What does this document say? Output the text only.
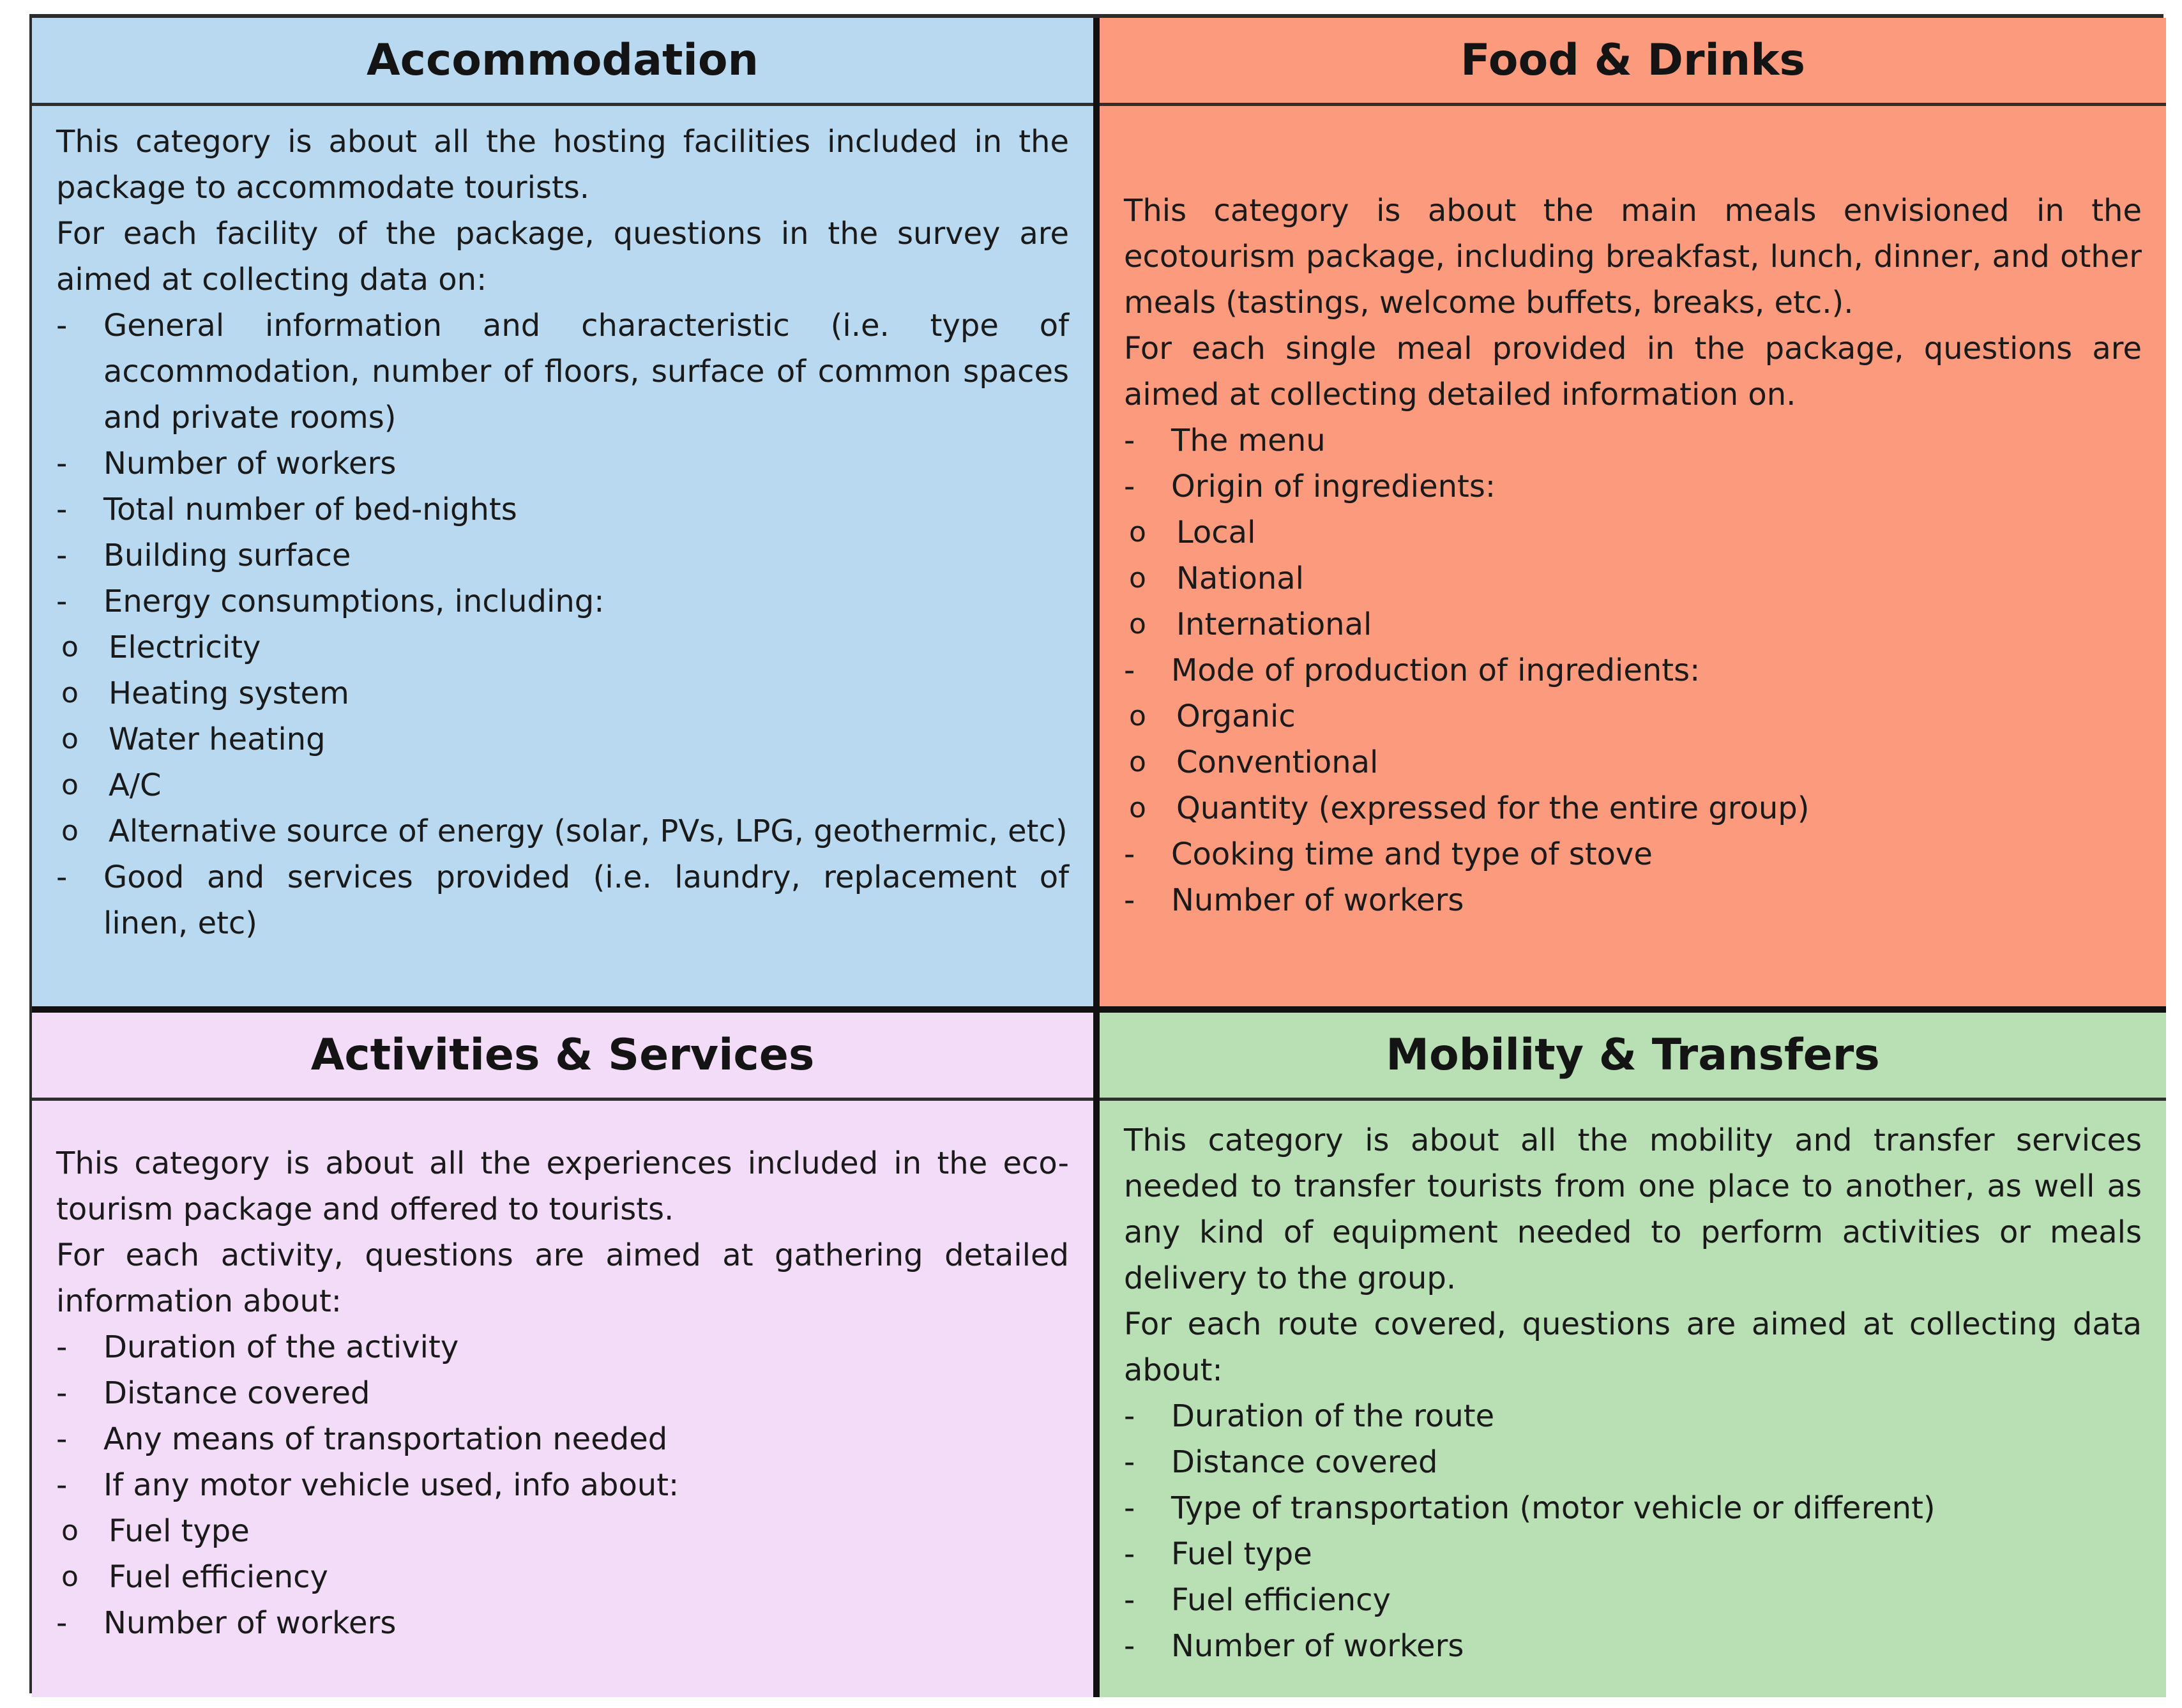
Accommodation

This category is about all the hosting facilities included in the package to accommodate tourists.

For each facility of the package, questions in the survey are aimed at collecting data on:

-	General information and characteristic (i.e. type of accommodation, number of floors, surface of common spaces and private rooms)
-	Number of workers
-	Total number of bed-nights
-	Building surface
-	Energy consumptions, including:
o Electricity
o Heating system
o Water heating
o A/C
o Alternative source of energy (solar, PVs, LPG, geothermic, etc)
-	Good and services provided (i.e. laundry, replacement of linen, etc)
Food & Drinks

This category is about the main meals envisioned in the ecotourism package, including breakfast, lunch, dinner, and other meals (tastings, welcome buffets, breaks, etc.).

For each single meal provided in the package, questions are aimed at collecting detailed information on.

-	The menu
-	Origin of ingredients:
o Local
o National
o International
-	Mode of production of ingredients:
o Organic
o Conventional
o Quantity (expressed for the entire group)
-	Cooking time and type of stove
-	Number of workers
Activities & Services

This category is about all the experiences included in the eco-tourism package and offered to tourists.

For each activity, questions are aimed at gathering detailed information about:

-	Duration of the activity
-	Distance covered
-	Any means of transportation needed
-	If any motor vehicle used, info about:
o Fuel type
o Fuel efficiency
-	Number of workers
Mobility & Transfers

This category is about all the mobility and transfer services needed to transfer tourists from one place to another, as well as any kind of equipment needed to perform activities or meals delivery to the group.

For each route covered, questions are aimed at collecting data about:

-	Duration of the route
-	Distance covered
-	Type of transportation (motor vehicle or different)
-	Fuel type
-	Fuel efficiency
-	Number of workers
